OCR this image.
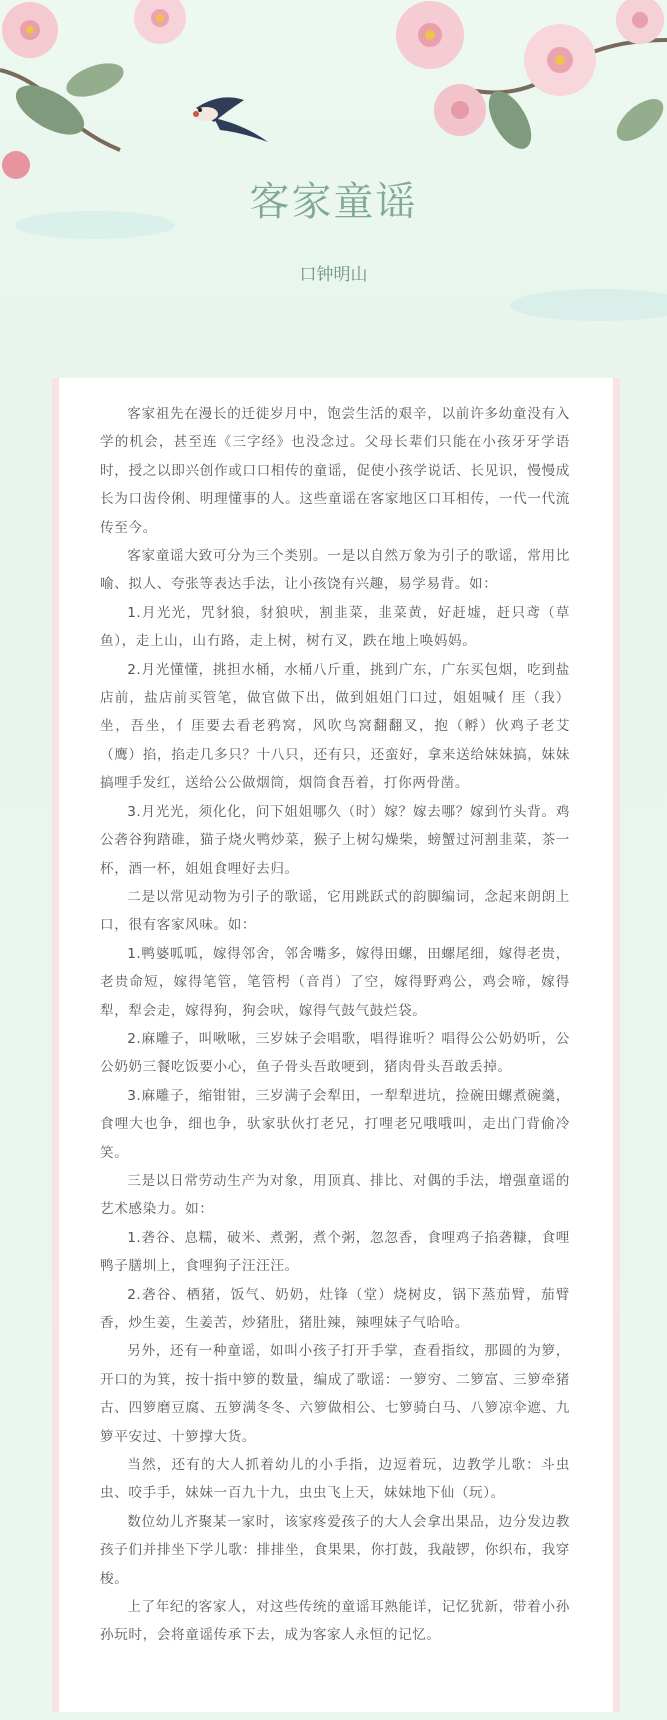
客家童谣
口钟明山

客家祖先在漫长的迁徙岁月中，饱尝生活的艰辛，以前许多幼童没有入学的机会，甚至连《三字经》也没念过。父母长辈们只能在小孩牙牙学语时，授之以即兴创作或口口相传的童谣，促使小孩学说话、长见识，慢慢成长为口齿伶俐、明理懂事的人。这些童谣在客家地区口耳相传，一代一代流传至今。

客家童谣大致可分为三个类别。一是以自然万象为引子的歌谣，常用比喻、拟人、夸张等表达手法，让小孩饶有兴趣，易学易背。如：

1.月光光，咒豺狼，豺狼吠，割韭菜，韭菜黄，好赶墟，赶只鸢（草鱼），走上山，山冇路，走上树，树冇叉，跌在地上唤妈妈。

2.月光懂懂，挑担水桶，水桶八斤重，挑到广东，广东买包烟，吃到盐店前，盐店前买管笔，做官做下出，做到姐姐门口过，姐姐喊亻厓（我）坐，吾坐，亻厓要去看老鸦窝，风吹鸟窝翻翻叉，抱（孵）伙鸡子老艾（鹰）掐，掐走几多只？十八只，还有只，还蛮好，拿来送给妹妹搞，妹妹搞哩手发红，送给公公做烟筒，烟筒食吾着，打你两骨凿。

3.月光光，须化化，问下姐姐哪久（时）嫁？嫁去哪？嫁到竹头背。鸡公砻谷狗踏碓，猫子烧火鸭炒菜，猴子上树勾燥柴，螃蟹过河割韭菜，茶一杯，酒一杯，姐姐食哩好去归。

二是以常见动物为引子的歌谣，它用跳跃式的韵脚编词，念起来朗朗上口，很有客家风味。如：

1.鸭婆呱呱，嫁得邻舍，邻舍嘴多，嫁得田螺，田螺尾细，嫁得老贵，老贵命短，嫁得笔管，笔管枵（音肖）了空，嫁得野鸡公，鸡会啼，嫁得犁，犁会走，嫁得狗，狗会吠，嫁得气鼓气鼓烂袋。

2.麻雕子，叫啾啾，三岁妹子会唱歌，唱得谁听？唱得公公奶奶听，公公奶奶三餐吃饭要小心，鱼子骨头吾敢哽到，猪肉骨头吾敢丢掉。

3.麻雕子，缩钳钳，三岁满子会犁田，一犁犁进坑，捡碗田螺煮碗羹，食哩大也争，细也争，驮家驮伙打老兄，打哩老兄哦哦叫，走出门背偷冷笑。

三是以日常劳动生产为对象，用顶真、排比、对偶的手法，增强童谣的艺术感染力。如：

1.砻谷、息糯，破米、煮粥，煮个粥，忽忽香，食哩鸡子掐砻糠，食哩鸭子膳圳上，食哩狗子汪汪汪。

2.砻谷、栖猪，饭气、奶奶，灶锋（堂）烧树皮，锅下蒸茄臂，茄臂香，炒生姜，生姜苦，炒猪肚，猪肚辣，辣哩妹子气哈哈。

另外，还有一种童谣，如叫小孩子打开手掌，查看指纹，那圆的为箩，开口的为箕，按十指中箩的数量，编成了歌谣：一箩穷、二箩富、三箩牵猪古、四箩磨豆腐、五箩满冬冬、六箩做相公、七箩骑白马、八箩凉伞遮、九箩平安过、十箩撑大货。

当然，还有的大人抓着幼儿的小手指，边逗着玩，边教学儿歌：斗虫虫、咬手手，妹妹一百九十九，虫虫飞上天，妹妹地下仙（玩）。

数位幼儿齐聚某一家时，该家疼爱孩子的大人会拿出果品，边分发边教孩子们并排坐下学儿歌：排排坐，食果果，你打鼓，我敲锣，你织布，我穿梭。

上了年纪的客家人，对这些传统的童谣耳熟能详，记忆犹新，带着小孙孙玩时，会将童谣传承下去，成为客家人永恒的记忆。
